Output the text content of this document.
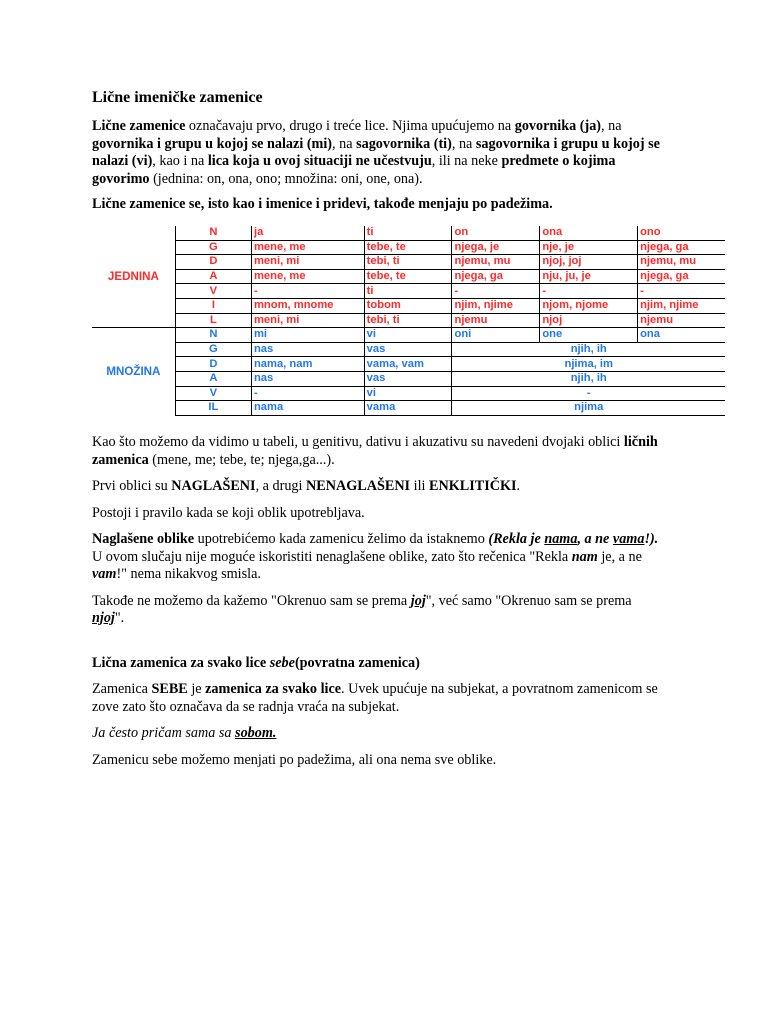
Lične imeničke zamenice

Lične zamenice označavaju prvo, drugo i treće lice. Njima upućujemo na govornika (ja), na govornika i grupu u kojoj se nalazi (mi), na sagovornika (ti), na sagovornika i grupu u kojoj se nalazi (vi), kao i na lica koja u ovoj situaciji ne učestvuju, ili na neke predmete o kojima govorimo (jednina: on, ona, ono; množina: oni, one, ona).

Lične zamenice se, isto kao i imenice i pridevi, takođe menjaju po padežima.

JEDNINA	N	ja	ti	on	ona	ono
	G	mene, me	tebe, te	njega, je	nje, je	njega, ga
	D	meni, mi	tebi, ti	njemu, mu	njoj, joj	njemu, mu
	A	mene, me	tebe, te	njega, ga	nju, ju, je	njega, ga
	V	-	ti	-	-	-
	I	mnom, mnome	tobom	njim, njime	njom, njome	njim, njime
	L	meni, mi	tebi, ti	njemu	njoj	njemu
MNOŽINA	N	mi	vi	oni	one	ona
	G	nas	vas	njih, ih		
	D	nama, nam	vama, vam	njima, im		
	A	nas	vas	njih, ih		
	V	-	vi	-		
	IL	nama	vama	njima		

Kao što možemo da vidimo u tabeli, u genitivu, dativu i akuzativu su navedeni dvojaki oblici ličnih zamenica (mene, me; tebe, te; njega,ga...).

Prvi oblici su NAGLAŠENI, a drugi NENAGLAŠENI ili ENKLITIČKI.

Postoji i pravilo kada se koji oblik upotrebljava.

Naglašene oblike upotrebićemo kada zamenicu želimo da istaknemo (Rekla je nama, a ne vama!). U ovom slučaju nije moguće iskoristiti nenaglašene oblike, zato što rečenica "Rekla nam je, a ne vam!" nema nikakvog smisla.

Takođe ne možemo da kažemo "Okrenuo sam se prema joj", već samo "Okrenuo sam se prema njoj".

Lična zamenica za svako lice sebe(povratna zamenica)

Zamenica SEBE je zamenica za svako lice. Uvek upućuje na subjekat, a povratnom zamenicom se zove zato što označava da se radnja vraća na subjekat.

Ja često pričam sama sa sobom.

Zamenicu sebe možemo menjati po padežima, ali ona nema sve oblike.
